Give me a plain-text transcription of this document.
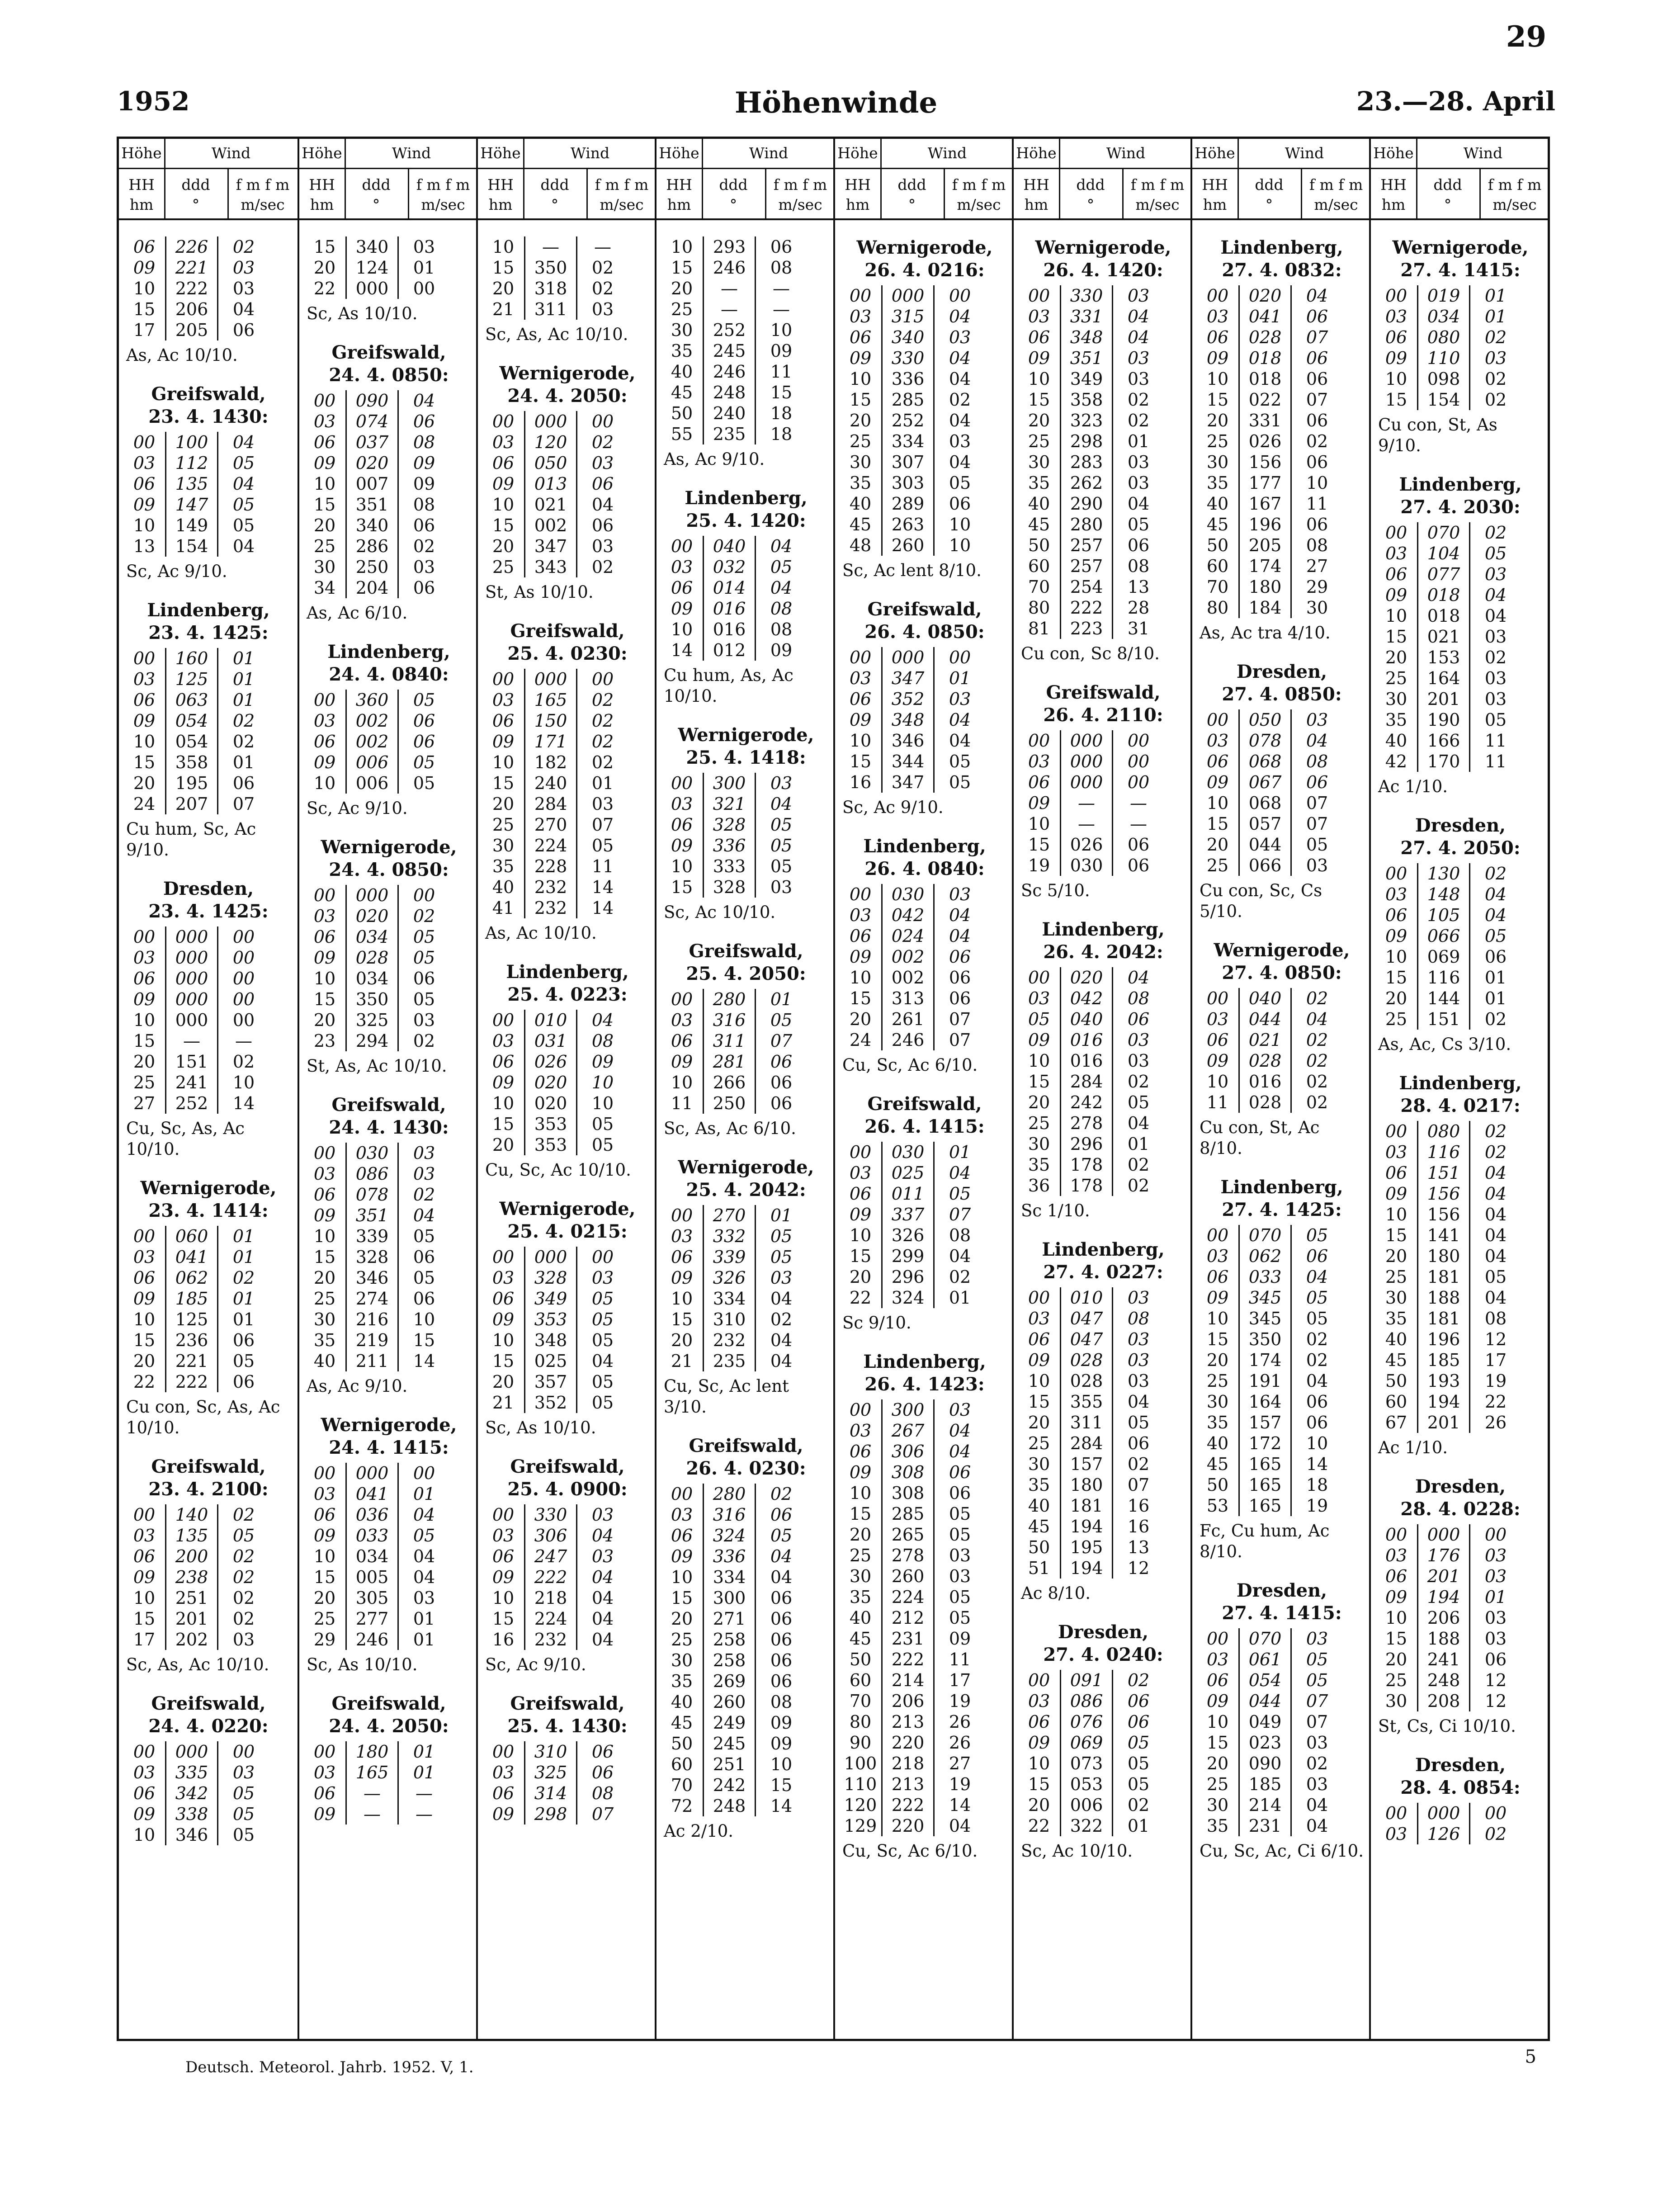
29
Höhenwinde
1952	23.—28. April
Höhe
HH
hm
Wind
ddd
°
f m f m
m/sec
06	226	02
09	221	03
10	222	03
15	206	04
17	205	06
As, Ac 10/10.
Greifswald,
23. 4. 1430:
00	100	04
03	112	05
06	135	04
09	147	05
10	149	05
13	154	04
Sc, Ac 9/10.
Lindenberg,
23. 4. 1425:
00	160	01
03	125	01
06	063	01
09	054	02
10	054	02
15	358	01
20	195	06
24	207	07
Cu hum, Sc, Ac 9/10.
Dresden,
23. 4. 1425:
00	000	00
03	000	00
06	000	00
09	000	00
10	000	00
15	—	—
20	151	02
25	241	10
27	252	14
Cu, Sc, As, Ac 10/10.
Wernigerode,
23. 4. 1414:
00	060	01
03	041	01
06	062	02
09	185	01
10	125	01
15	236	06
20	221	05
22	222	06
Cu con, Sc, As, Ac 10/10.
Greifswald,
23. 4. 2100:
00	140	02
03	135	05
06	200	02
09	238	02
10	251	02
15	201	02
17	202	03
Sc, As, Ac 10/10.
Greifswald,
24. 4. 0220:
00	000	00
03	335	03
06	342	05
09	338	05
10	346	05
Höhe
HH
hm
Wind
ddd
°
f m f m
m/sec
15	340	03
20	124	01
22	000	00
Sc, As 10/10.
Greifswald,
24. 4. 0850:
00	090	04
03	074	06
06	037	08
09	020	09
10	007	09
15	351	08
20	340	06
25	286	02
30	250	03
34	204	06
As, Ac 6/10.
Lindenberg,
24. 4. 0840:
00	360	05
03	002	06
06	002	06
09	006	05
10	006	05
Sc, Ac 9/10.
Wernigerode,
24. 4. 0850:
00	000	00
03	020	02
06	034	05
09	028	05
10	034	06
15	350	05
20	325	03
23	294	02
St, As, Ac 10/10.
Greifswald,
24. 4. 1430:
00	030	03
03	086	03
06	078	02
09	351	04
10	339	05
15	328	06
20	346	05
25	274	06
30	216	10
35	219	15
40	211	14
As, Ac 9/10.
Wernigerode,
24. 4. 1415:
00	000	00
03	041	01
06	036	04
09	033	05
10	034	04
15	005	04
20	305	03
25	277	01
29	246	01
Sc, As 10/10.
Greifswald,
24. 4. 2050:
00	180	01
03	165	01
06	—	—
09	—	—
Höhe
HH
hm
Wind
ddd
°
f m f m
m/sec
10	—	—
15	350	02
20	318	02
21	311	03
Sc, As, Ac 10/10.
Wernigerode,
24. 4. 2050:
00	000	00
03	120	02
06	050	03
09	013	06
10	021	04
15	002	06
20	347	03
25	343	02
St, As 10/10.
Greifswald,
25. 4. 0230:
00	000	00
03	165	02
06	150	02
09	171	02
10	182	02
15	240	01
20	284	03
25	270	07
30	224	05
35	228	11
40	232	14
41	232	14
As, Ac 10/10.
Lindenberg,
25. 4. 0223:
00	010	04
03	031	08
06	026	09
09	020	10
10	020	10
15	353	05
20	353	05
Cu, Sc, Ac 10/10.
Wernigerode,
25. 4. 0215:
00	000	00
03	328	03
06	349	05
09	353	05
10	348	05
15	025	04
20	357	05
21	352	05
Sc, As 10/10.
Greifswald,
25. 4. 0900:
00	330	03
03	306	04
06	247	03
09	222	04
10	218	04
15	224	04
16	232	04
Sc, Ac 9/10.
Greifswald,
25. 4. 1430:
00	310	06
03	325	06
06	314	08
09	298	07
Höhe
HH
hm
Wind
ddd
°
f m f m
m/sec
10	293	06
15	246	08
20	—	—
25	—	—
30	252	10
35	245	09
40	246	11
45	248	15
50	240	18
55	235	18
As, Ac 9/10.
Lindenberg,
25. 4. 1420:
00	040	04
03	032	05
06	014	04
09	016	08
10	016	08
14	012	09
Cu hum, As, Ac 10/10.
Wernigerode,
25. 4. 1418:
00	300	03
03	321	04
06	328	05
09	336	05
10	333	05
15	328	03
Sc, Ac 10/10.
Greifswald,
25. 4. 2050:
00	280	01
03	316	05
06	311	07
09	281	06
10	266	06
11	250	06
Sc, As, Ac 6/10.
Wernigerode,
25. 4. 2042:
00	270	01
03	332	05
06	339	05
09	326	03
10	334	04
15	310	02
20	232	04
21	235	04
Cu, Sc, Ac lent 3/10.
Greifswald,
26. 4. 0230:
00	280	02
03	316	06
06	324	05
09	336	04
10	334	04
15	300	06
20	271	06
25	258	06
30	258	06
35	269	06
40	260	08
45	249	09
50	245	09
60	251	10
70	242	15
72	248	14
Ac 2/10.
Höhe
HH
hm
Wind
ddd
°
f m f m
m/sec
Wernigerode,
26. 4. 0216:
00	000	00
03	315	04
06	340	03
09	330	04
10	336	04
15	285	02
20	252	04
25	334	03
30	307	04
35	303	05
40	289	06
45	263	10
48	260	10
Sc, Ac lent 8/10.
Greifswald,
26. 4. 0850:
00	000	00
03	347	01
06	352	03
09	348	04
10	346	04
15	344	05
16	347	05
Sc, Ac 9/10.
Lindenberg,
26. 4. 0840:
00	030	03
03	042	04
06	024	04
09	002	06
10	002	06
15	313	06
20	261	07
24	246	07
Cu, Sc, Ac 6/10.
Greifswald,
26. 4. 1415:
00	030	01
03	025	04
06	011	05
09	337	07
10	326	08
15	299	04
20	296	02
22	324	01
Sc 9/10.
Lindenberg,
26. 4. 1423:
00	300	03
03	267	04
06	306	04
09	308	06
10	308	06
15	285	05
20	265	05
25	278	03
30	260	03
35	224	05
40	212	05
45	231	09
50	222	11
60	214	17
70	206	19
80	213	26
90	220	26
100 218	27
110 213	19
120 222	14
129 220	04
Cu, Sc, Ac 6/10.
Höhe
HH
hm
Wind
ddd
°
f m f m
m/sec
Wernigerode,
26. 4. 1420:
00	330	03
03	331	04
06	348	04
09	351	03
10	349	03
15	358	02
20	323	02
25	298	01
30	283	03
35	262	03
40	290	04
45	280	05
50	257	06
60	257	08
70	254	13
80	222	28
81	223	31
Cu con, Sc 8/10.
Greifswald,
26. 4. 2110:
00	000	00
03	000	00
06	000	00
09	—	—
10	—	—
15	026	06
19	030	06
Sc 5/10.
Lindenberg,
26. 4. 2042:
00	020	04
03	042	08
05	040	06
09	016	03
10	016	03
15	284	02
20	242	05
25	278	04
30	296	01
35	178	02
36	178	02
Sc 1/10.
Lindenberg,
27. 4. 0227:
00	010	03
03	047	08
06	047	03
09	028	03
10	028	03
15	355	04
20	311	05
25	284	06
30	157	02
35	180	07
40	181	16
45	194	16
50	195	13
51	194	12
Ac 8/10.
Dresden,
27. 4. 0240:
00	091	02
03	086	06
06	076	06
09	069	05
10	073	05
15	053	05
20	006	02
22	322	01
Sc, Ac 10/10.
Höhe
HH
hm
Wind
ddd
°
f m f m
m/sec
Lindenberg,
27. 4. 0832:
00	020	04
03	041	06
06	028	07
09	018	06
10	018	06
15	022	07
20	331	06
25	026	02
30	156	06
35	177	10
40	167	11
45	196	06
50	205	08
60	174	27
70	180	29
80	184	30
As, Ac tra 4/10.
Dresden,
27. 4. 0850:
00	050	03
03	078	04
06	068	08
09	067	06
10	068	07
15	057	07
20	044	05
25	066	03
Cu con, Sc, Cs 5/10.
Wernigerode,
27. 4. 0850:
00	040	02
03	044	04
06	021	02
09	028	02
10	016	02
11	028	02
Cu con, St, Ac 8/10.
Lindenberg,
27. 4. 1425:
00	070	05
03	062	06
06	033	04
09	345	05
10	345	05
15	350	02
20	174	02
25	191	04
30	164	06
35	157	06
40	172	10
45	165	14
50	165	18
53	165	19
Fc, Cu hum, Ac 8/10.
Dresden,
27. 4. 1415:
00	070	03
03	061	05
06	054	05
09	044	07
10	049	07
15	023	03
20	090	02
25	185	03
30	214	04
35	231	04
Cu, Sc, Ac, Ci 6/10.
Höhe
HH
hm
Wind
ddd
°
f m f m
m/sec
Wernigerode,
27. 4. 1415:
00	019	01
03	034	01
06	080	02
09	110	03
10	098	02
15	154	02
Cu con, St, As 9/10.
Lindenberg,
27. 4. 2030:
00	070	02
03	104	05
06	077	03
09	018	04
10	018	04
15	021	03
20	153	02
25	164	03
30	201	03
35	190	05
40	166	11
42	170	11
Ac 1/10.
Dresden,
27. 4. 2050:
00	130	02
03	148	04
06	105	04
09	066	05
10	069	06
15	116	01
20	144	01
25	151	02
As, Ac, Cs 3/10.
Lindenberg,
28. 4. 0217:
00	080	02
03	116	02
06	151	04
09	156	04
10	156	04
15	141	04
20	180	04
25	181	05
30	188	04
35	181	08
40	196	12
45	185	17
50	193	19
60	194	22
67	201	26
Ac 1/10.
Dresden,
28. 4. 0228:
00	000	00
03	176	03
06	201	03
09	194	01
10	206	03
15	188	03
20	241	06
25	248	12
30	208	12
St, Cs, Ci 10/10.
Dresden,
28. 4. 0854:
00	000	00
03	126	02
Deutsch. Meteorol. Jahrb. 1952. V, 1.	5
